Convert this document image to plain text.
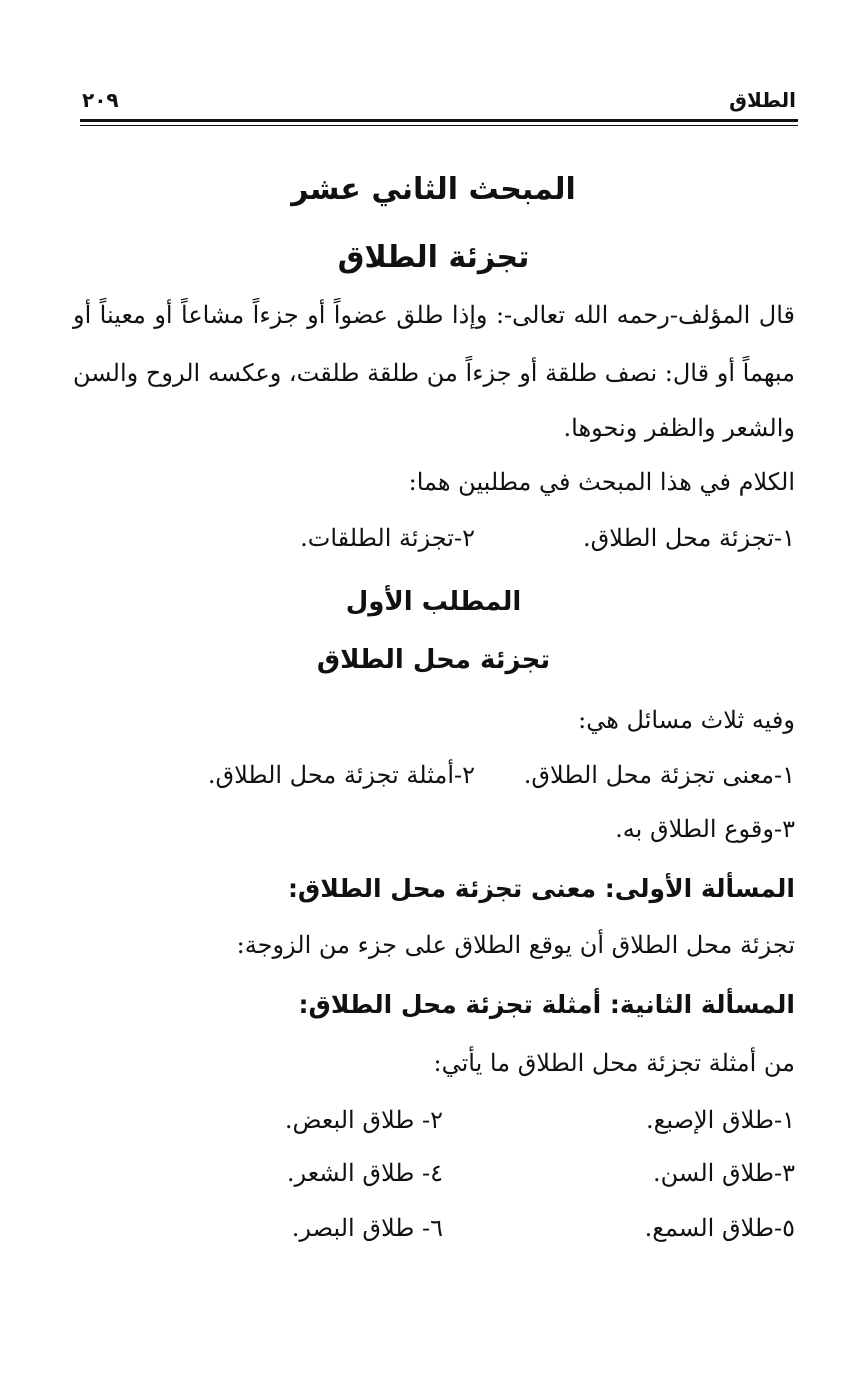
الطلاق
٢٠٩
المبحث الثاني عشر
تجزئة الطلاق
قال المؤلف-رحمه الله تعالى-: وإذا طلق عضواً أو جزءاً مشاعاً أو معيناً أو
مبهماً أو قال: نصف طلقة أو جزءاً من طلقة طلقت، وعكسه الروح والسن
والشعر والظفر ونحوها.
الكلام في هذا المبحث في مطلبين هما:
١-تجزئة محل الطلاق.
٢-تجزئة الطلقات.
المطلب الأول
تجزئة محل الطلاق
وفيه ثلاث مسائل هي:
١-معنى تجزئة محل الطلاق.
٢-أمثلة تجزئة محل الطلاق.
٣-وقوع الطلاق به.
المسألة الأولى: معنى تجزئة محل الطلاق:
تجزئة محل الطلاق أن يوقع الطلاق على جزء من الزوجة:
المسألة الثانية: أمثلة تجزئة محل الطلاق:
من أمثلة تجزئة محل الطلاق ما يأتي:
١-طلاق الإصبع.
٢- طلاق البعض.
٣-طلاق السن.
٤- طلاق الشعر.
٥-طلاق السمع.
٦- طلاق البصر.
